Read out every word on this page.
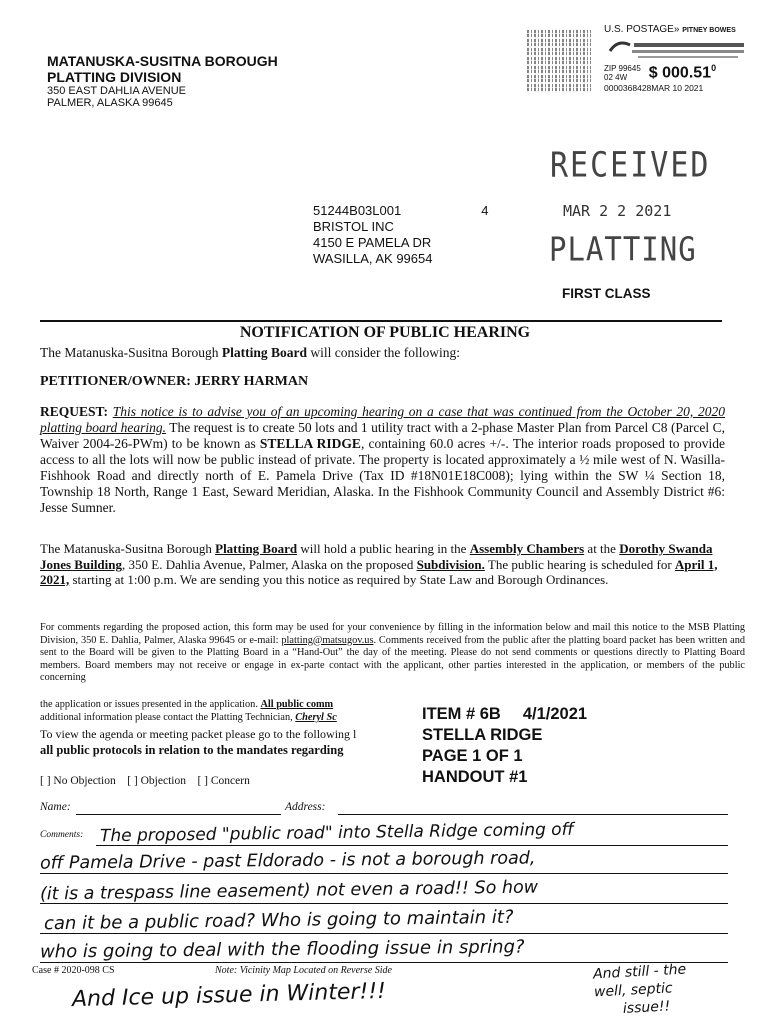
MATANUSKA-SUSITNA BOROUGH
PLATTING DIVISION
350 EAST DAHLIA AVENUE
PALMER, ALASKA 99645
U.S. POSTAGE» PITNEY BOWES
ZIP 99645
02 4W	$ 000.51$^0$
0000368428MAR 10 2021
RECEIVED
MAR 2 2 2021
PLATTING
51244B03L001	4
BRISTOL INC
4150 E PAMELA DR
WASILLA, AK 99654
FIRST CLASS
NOTIFICATION OF PUBLIC HEARING
The Matanuska-Susitna Borough Platting Board will consider the following:
PETITIONER/OWNER: JERRY HARMAN
REQUEST: This notice is to advise you of an upcoming hearing on a case that was continued from the October 20, 2020 platting board hearing. The request is to create 50 lots and 1 utility tract with a 2-phase Master Plan from Parcel C8 (Parcel C, Waiver 2004-26-PWm) to be known as STELLA RIDGE, containing 60.0 acres +/-. The interior roads proposed to provide access to all the lots will now be public instead of private. The property is located approximately a ½ mile west of N. Wasilla-Fishhook Road and directly north of E. Pamela Drive (Tax ID #18N01E18C008); lying within the SW ¼ Section 18, Township 18 North, Range 1 East, Seward Meridian, Alaska. In the Fishhook Community Council and Assembly District #6: Jesse Sumner.
The Matanuska-Susitna Borough Platting Board will hold a public hearing in the Assembly Chambers at the Dorothy Swanda Jones Building, 350 E. Dahlia Avenue, Palmer, Alaska on the proposed Subdivision. The public hearing is scheduled for April 1, 2021, starting at 1:00 p.m. We are sending you this notice as required by State Law and Borough Ordinances.
For comments regarding the proposed action, this form may be used for your convenience by filling in the information below and mail this notice to the MSB Platting Division, 350 E. Dahlia, Palmer, Alaska 99645 or e-mail: platting@matsugov.us. Comments received from the public after the platting board packet has been written and sent to the Board will be given to the Platting Board in a “Hand-Out” the day of the meeting. Please do not send comments or questions directly to Platting Board members. Board members may not receive or engage in ex-parte contact with the applicant, other parties interested in the application, or members of the public concerning
the application or issues presented in the application. All public comm
additional information please contact the Platting Technician, Cheryl Sc
To view the agenda or meeting packet please go to the following l
all public protocols in relation to the mandates regarding
ITEM # 6B 4/1/2021
STELLA RIDGE
PAGE 1 OF 1
HANDOUT #1
[ ] No Objection [ ] Objection [ ] Concern
Name:	Address:
Comments: The proposed "public road" into Stella Ridge coming off
off Pamela Drive - past Eldorado - is not a borough road,
(it is a trespass line easement) not even a road!! So how
can it be a public road? Who is going to maintain it?
who is going to deal with the flooding issue in spring?
And Ice up issue in Winter!!!
And still - the
well, septic
issue!!
Case # 2020-098 CS	Note: Vicinity Map Located on Reverse Side
